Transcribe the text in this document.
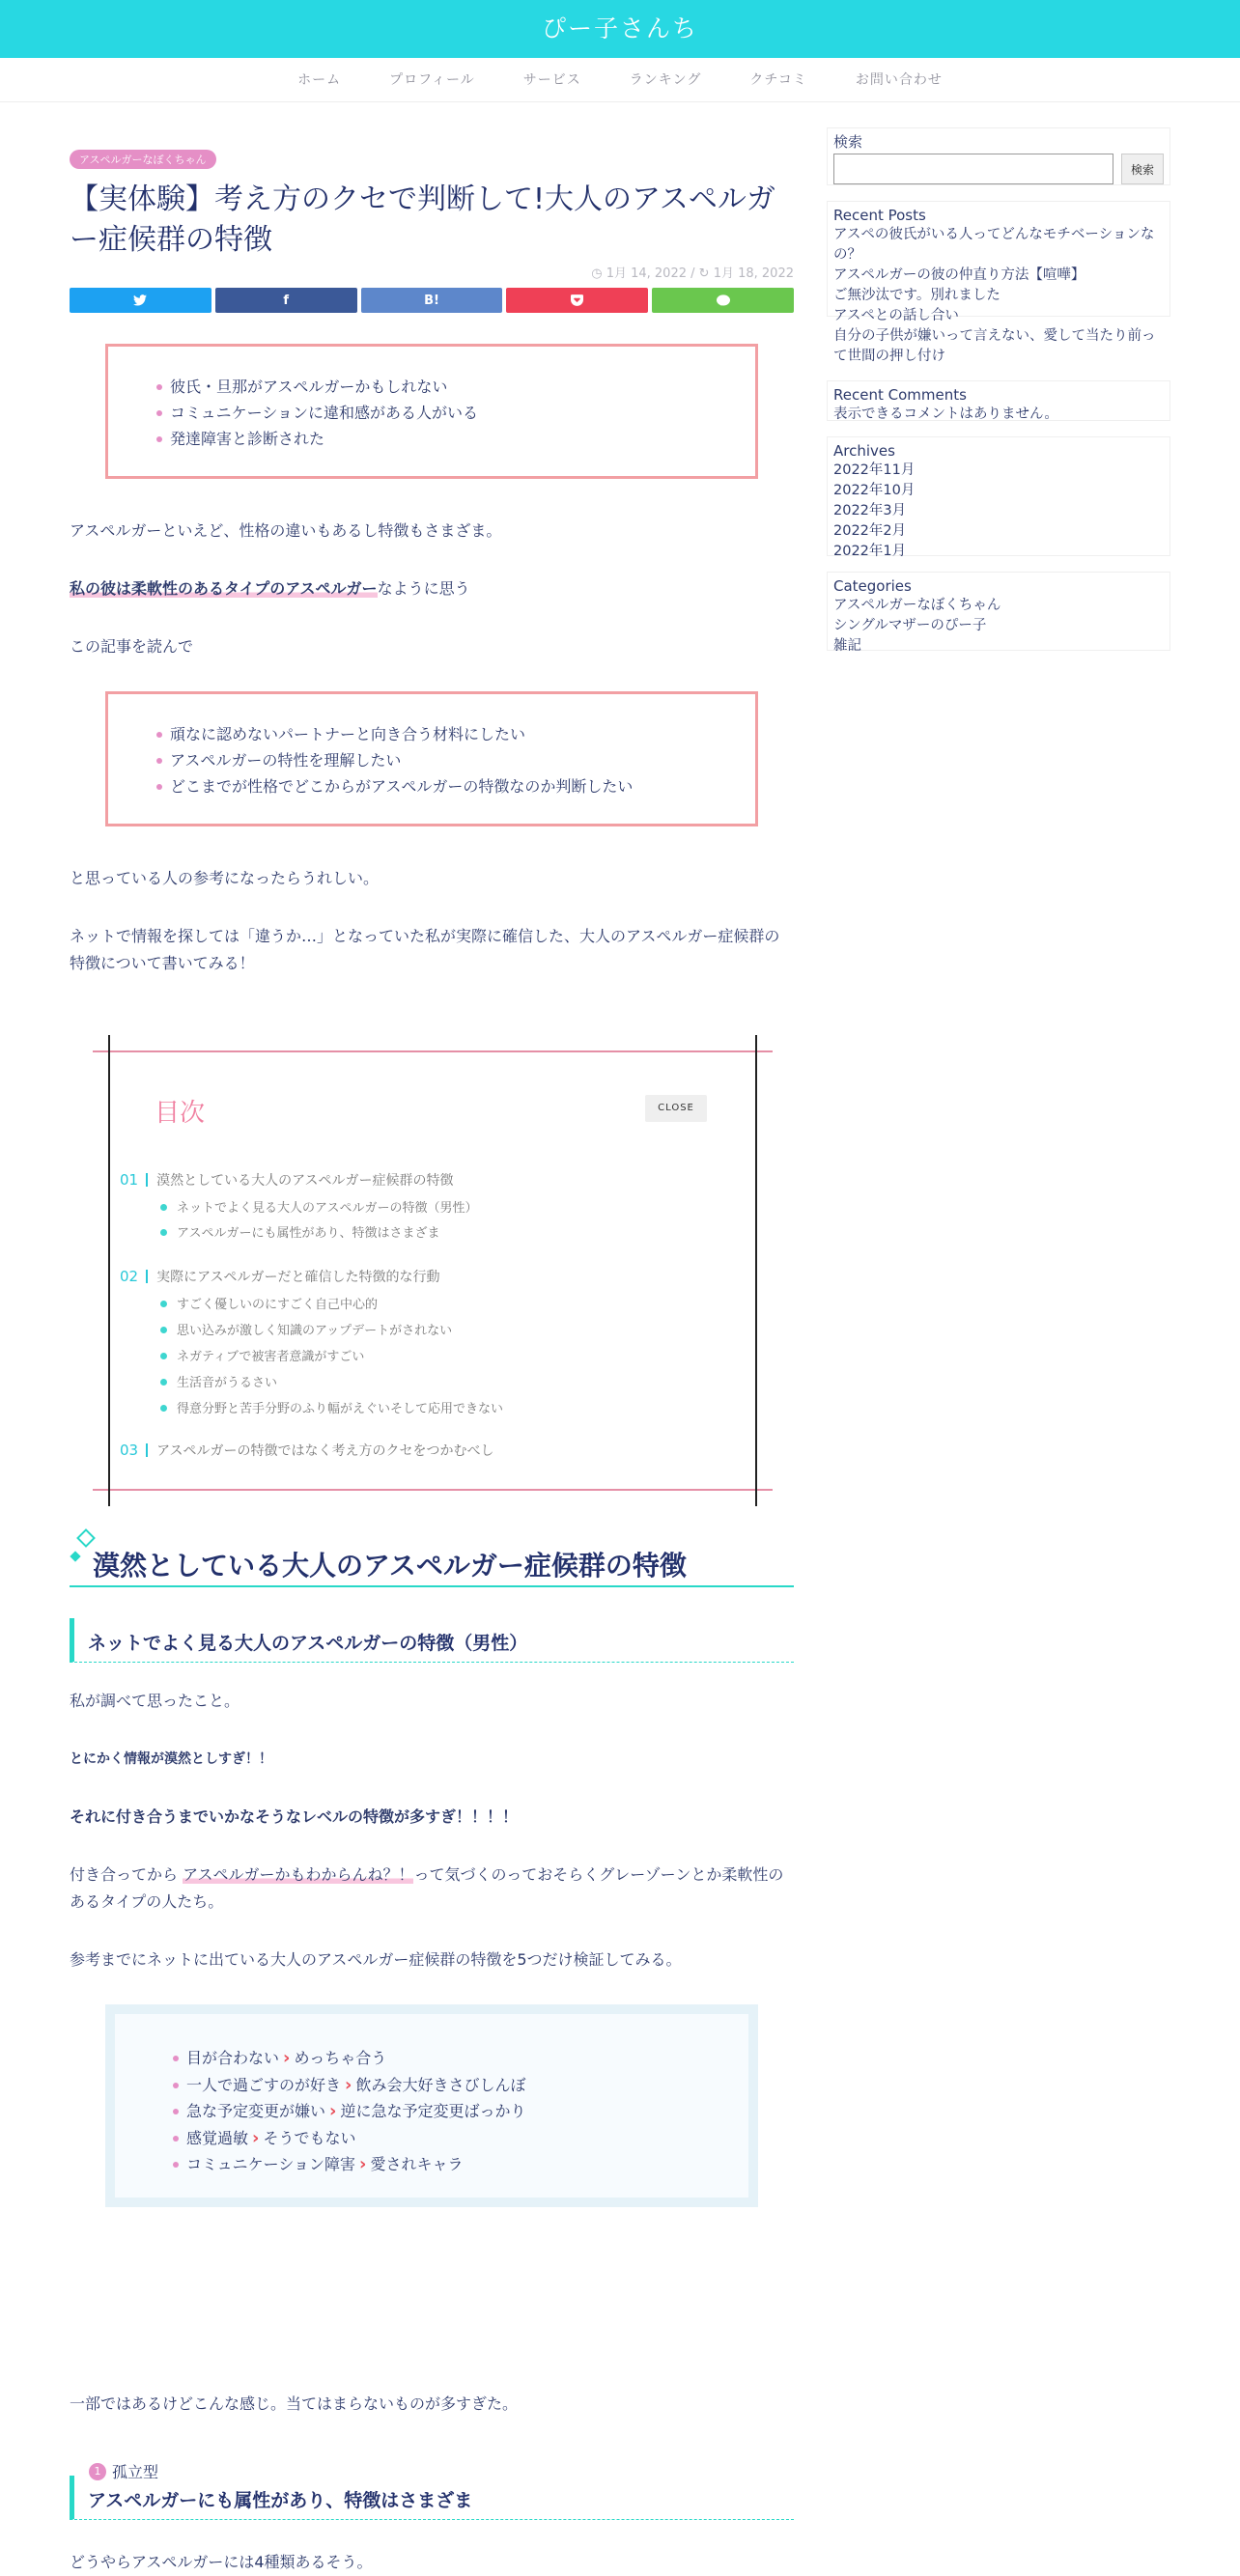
ぴー子さんち
ホーム	プロフィール	サービス	ランキング	クチコミ	お問い合わせ
アスペルガーなぼくちゃん
【実体験】考え方のクセで判断して!大人のアスペルガー症候群の特徴
◷ 1月 14, 2022 / ↻ 1月 18, 2022
f	B!
彼氏・旦那がアスペルガーかもしれない
コミュニケーションに違和感がある人がいる
発達障害と診断された

アスペルガーといえど、性格の違いもあるし特徴もさまざま。

私の彼は柔軟性のあるタイプのアスペルガーなように思う

この記事を読んで

頑なに認めないパートナーと向き合う材料にしたい
アスペルガーの特性を理解したい
どこまでが性格でどこからがアスペルガーの特徴なのか判断したい

と思っている人の参考になったらうれしい。

ネットで情報を探しては「違うか…」となっていた私が実際に確信した、大人のアスペルガー症候群の特徴について書いてみる！

目次	CLOSE
01	漠然としている大人のアスペルガー症候群の特徴
ネットでよく見る大人のアスペルガーの特徴（男性）
アスペルガーにも属性があり、特徴はさまざま
02	実際にアスペルガーだと確信した特徴的な行動
すごく優しいのにすごく自己中心的
思い込みが激しく知識のアップデートがされない
ネガティブで被害者意識がすごい
生活音がうるさい
得意分野と苦手分野のふり幅がえぐいそして応用できない
03	アスペルガーの特徴ではなく考え方のクセをつかむべし
漠然としている大人のアスペルガー症候群の特徴
ネットでよく見る大人のアスペルガーの特徴（男性）

私が調べて思ったこと。

とにかく情報が漠然としすぎ！！

それに付き合うまでいかなそうなレベルの特徴が多すぎ！！！！

付き合ってから アスペルガーかもわからんね？！って気づくのっておそらくグレーゾーンとか柔軟性のあるタイプの人たち。

参考までにネットに出ている大人のアスペルガー症候群の特徴を5つだけ検証してみる。

目が合わない › めっちゃ合う
一人で過ごすのが好き › 飲み会大好きさびしんぼ
急な予定変更が嫌い › 逆に急な予定変更ばっかり
感覚過敏 › そうでもない
コミュニケーション障害 › 愛されキャラ

一部ではあるけどこんな感じ。当てはまらないものが多すぎた。

アスペルガーにも属性があり、特徴はさまざま

どうやらアスペルガーには4種類あるそう。

1 孤立型
検索
検索
Recent Posts
アスペの彼氏がいる人ってどんなモチベーションなの？
アスペルガーの彼の仲直り方法【喧嘩】
ご無沙汰です。別れました
アスペとの話し合い
自分の子供が嫌いって言えない、愛して当たり前って世間の押し付け
Recent Comments
表示できるコメントはありません。
Archives
2022年11月
2022年10月
2022年3月
2022年2月
2022年1月
Categories
アスペルガーなぼくちゃん
シングルマザーのぴー子
雑記
